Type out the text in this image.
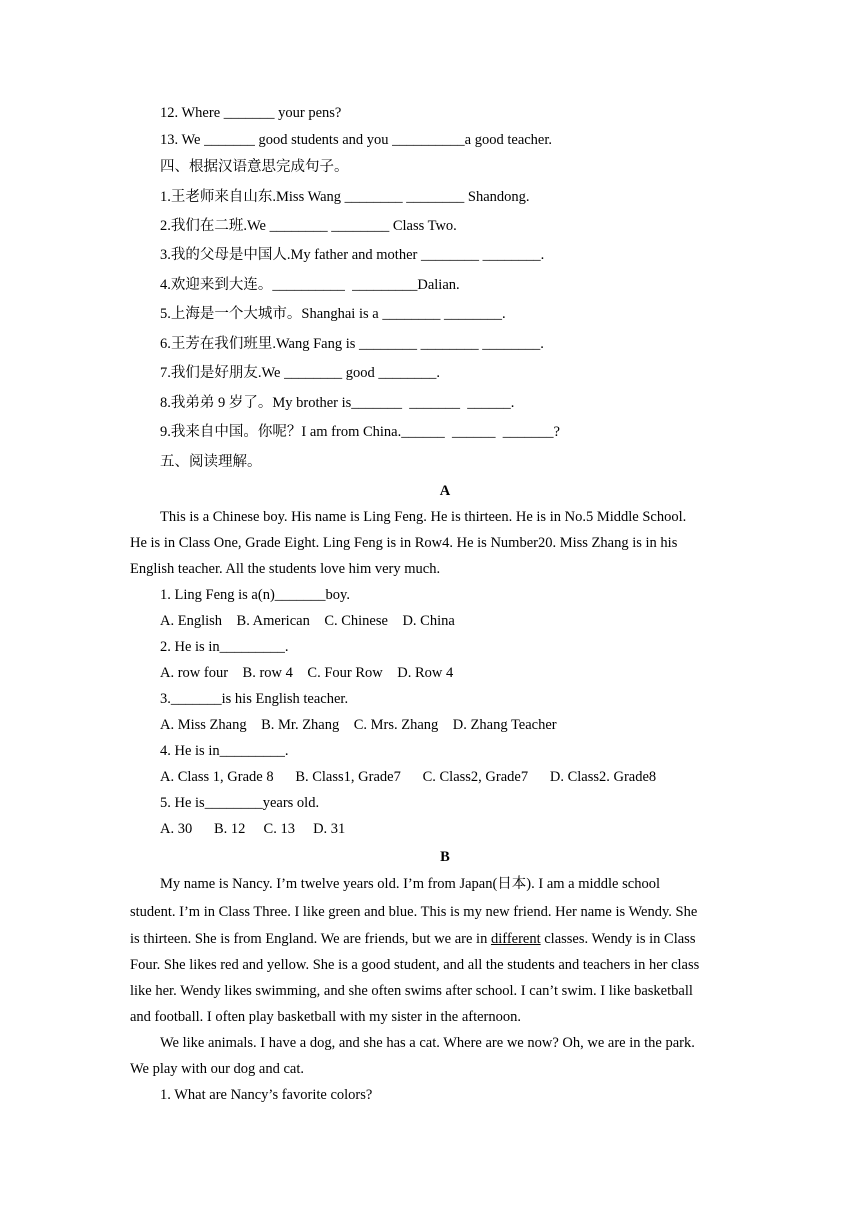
12. Where _______ your pens?
13. We _______ good students and you __________a good teacher.
四、根据汉语意思完成句子。
1.王老师来自山东.Miss Wang ________ ________ Shandong.
2.我们在二班.We ________ ________ Class Two.
3.我的父母是中国人.My father and mother ________ ________.
4.欢迎来到大连。__________  _________Dalian.
5.上海是一个大城市。Shanghai is a ________ ________.
6.王芳在我们班里.Wang Fang is ________ ________ ________.
7.我们是好朋友.We ________ good ________.
8.我弟弟 9 岁了。My brother is_______  _______  ______.
9.我来自中国。你呢？I am from China.______  ______  _______?
五、阅读理解。
A
This is a Chinese boy. His name is Ling Feng. He is thirteen. He is in No.5 Middle School.
He is in Class One, Grade Eight. Ling Feng is in Row4. He is Number20. Miss Zhang is in his
English teacher. All the students love him very much.
1. Ling Feng is a(n)_______boy.
A. English    B. American    C. Chinese    D. China
2. He is in_________.
A. row four    B. row 4    C. Four Row    D. Row 4
3._______is his English teacher.
A. Miss Zhang    B. Mr. Zhang    C. Mrs. Zhang    D. Zhang Teacher
4. He is in_________.
A. Class 1, Grade 8      B. Class1, Grade7      C. Class2, Grade7      D. Class2. Grade8
5. He is________years old.
A. 30      B. 12     C. 13     D. 31
B
My name is Nancy. I’m twelve years old. I’m from Japan(日本). I am a middle school
student. I’m in Class Three. I like green and blue. This is my new friend. Her name is Wendy. She
is thirteen. She is from England. We are friends, but we are in different classes. Wendy is in Class
Four. She likes red and yellow. She is a good student, and all the students and teachers in her class
like her. Wendy likes swimming, and she often swims after school. I can’t swim. I like basketball
and football. I often play basketball with my sister in the afternoon.
We like animals. I have a dog, and she has a cat. Where are we now? Oh, we are in the park.
We play with our dog and cat.
1. What are Nancy’s favorite colors?
